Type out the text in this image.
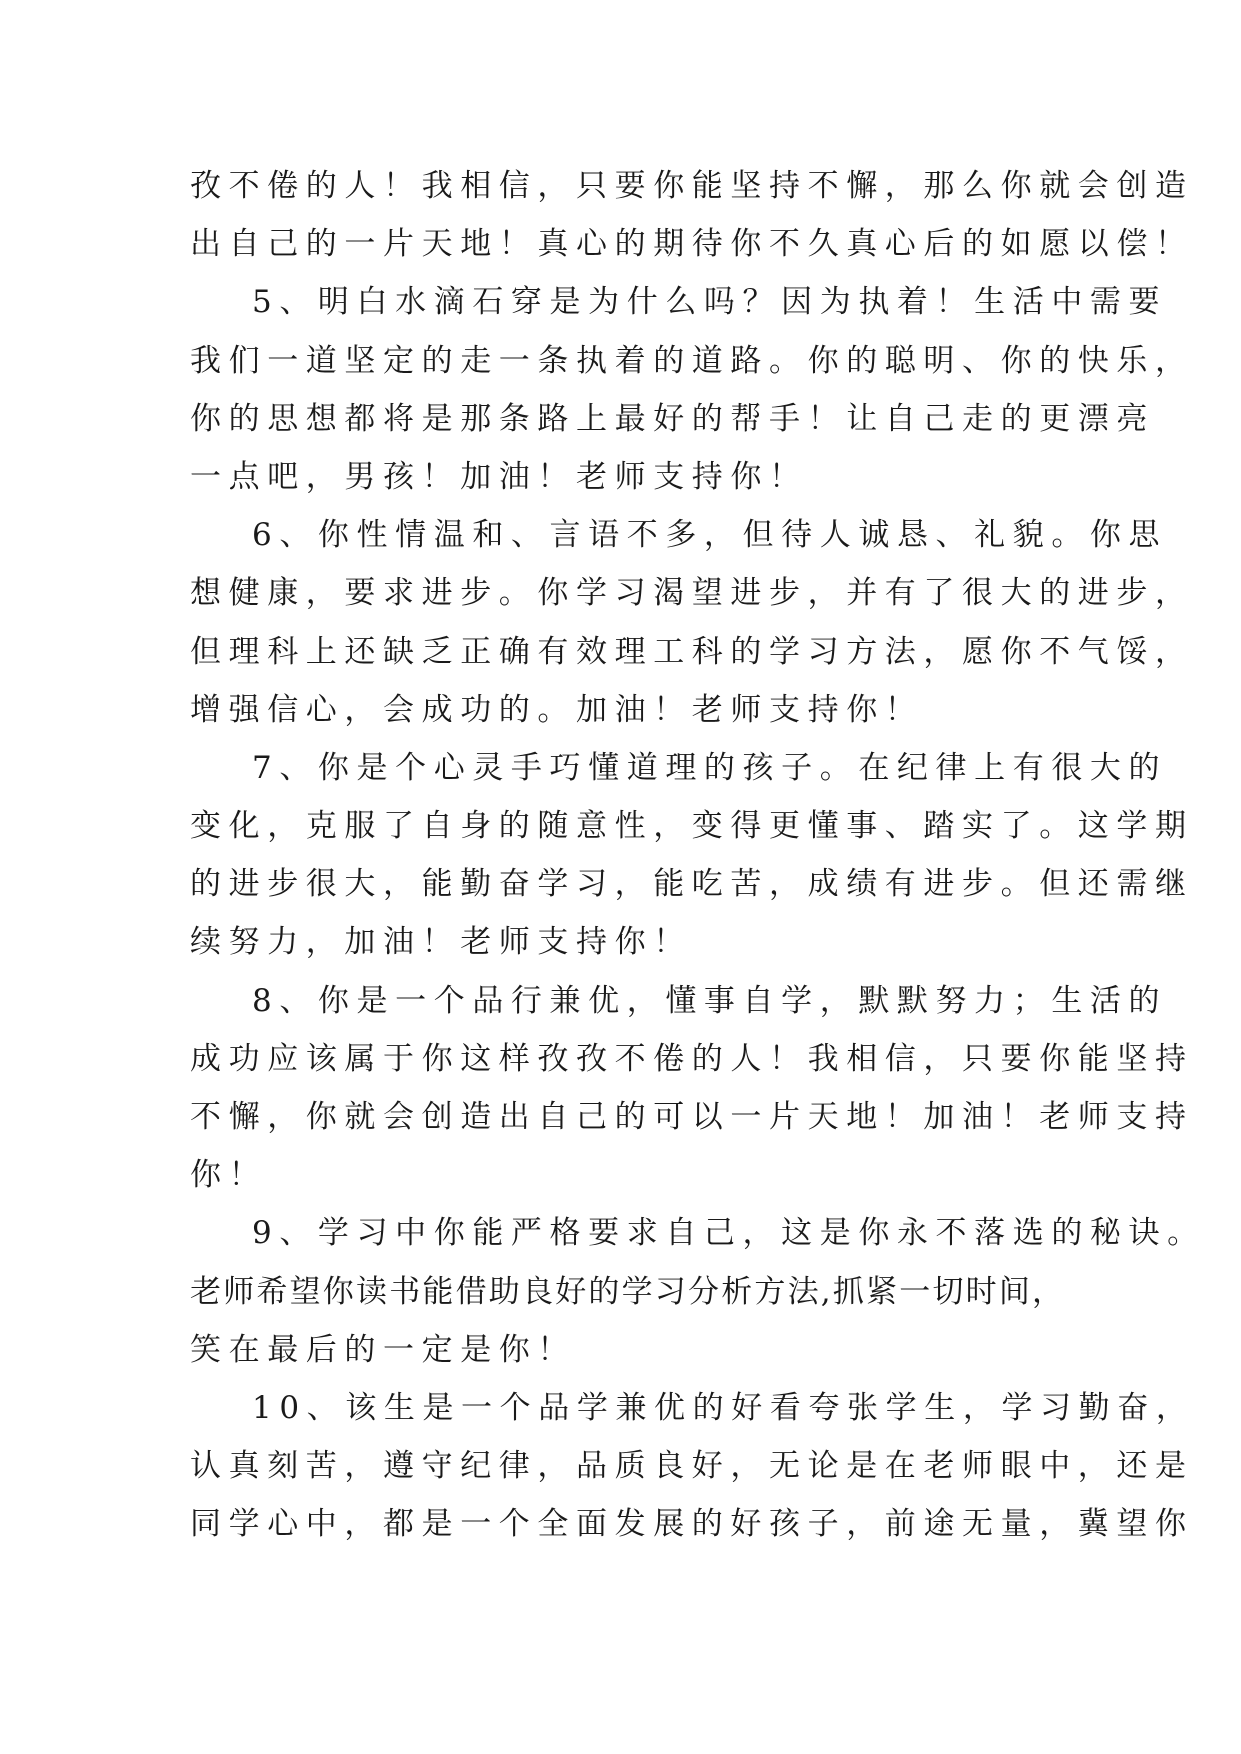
孜不倦的人！我相信，只要你能坚持不懈，那么你就会创造
出自己的一片天地！真心的期待你不久真心后的如愿以偿！
5、明白水滴石穿是为什么吗？因为执着！生活中需要
我们一道坚定的走一条执着的道路。你的聪明、你的快乐，
你的思想都将是那条路上最好的帮手！让自己走的更漂亮
一点吧，男孩！加油！老师支持你！
6、你性情温和、言语不多，但待人诚恳、礼貌。你思
想健康，要求进步。你学习渴望进步，并有了很大的进步，
但理科上还缺乏正确有效理工科的学习方法，愿你不气馁，
增强信心，会成功的。加油！老师支持你！
7、你是个心灵手巧懂道理的孩子。在纪律上有很大的
变化，克服了自身的随意性，变得更懂事、踏实了。这学期
的进步很大，能勤奋学习，能吃苦，成绩有进步。但还需继
续努力，加油！老师支持你！
8、你是一个品行兼优，懂事自学，默默努力；生活的
成功应该属于你这样孜孜不倦的人！我相信，只要你能坚持
不懈，你就会创造出自己的可以一片天地！加油！老师支持
你！
9、学习中你能严格要求自己，这是你永不落选的秘诀。
老师希望你读书能借助良好的学习分析方法,抓紧一切时间，
笑在最后的一定是你！
10、该生是一个品学兼优的好看夸张学生，学习勤奋，
认真刻苦，遵守纪律，品质良好，无论是在老师眼中，还是
同学心中，都是一个全面发展的好孩子，前途无量，冀望你
